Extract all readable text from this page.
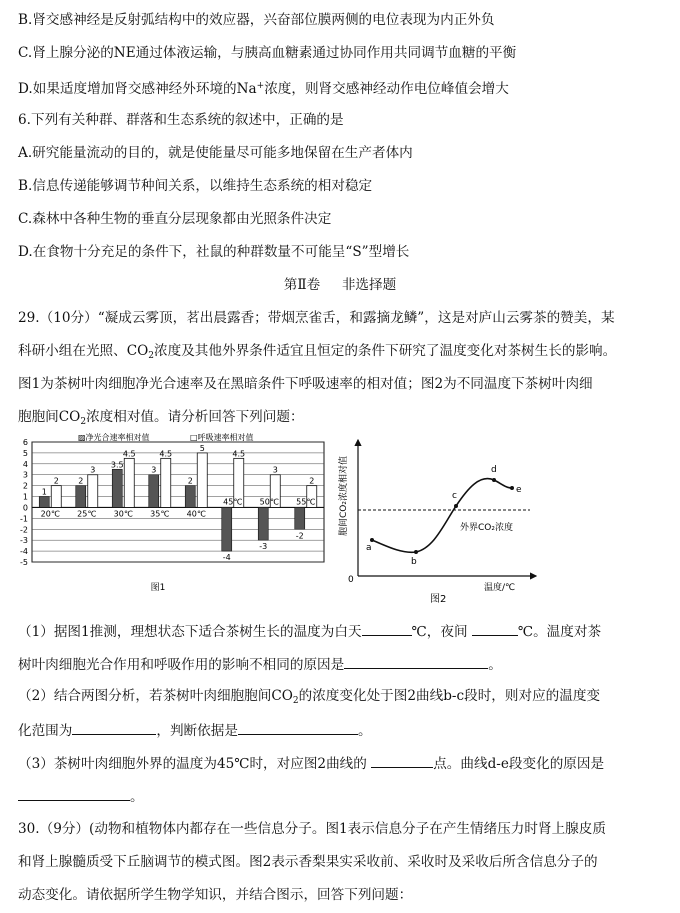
B.肾交感神经是反射弧结构中的效应器，兴奋部位膜两侧的电位表现为内正外负
C.肾上腺分泌的NE通过体液运输，与胰高血糖素通过协同作用共同调节血糖的平衡
D.如果适度增加肾交感神经外环境的Na+浓度，则肾交感神经动作电位峰值会增大
6.下列有关种群、群落和生态系统的叙述中，正确的是
A.研究能量流动的目的，就是使能量尽可能多地保留在生产者体内
B.信息传递能够调节种间关系，以维持生态系统的相对稳定
C.森林中各种生物的垂直分层现象都由光照条件决定
D.在食物十分充足的条件下，社鼠的种群数量不可能呈“S”型增长
第Ⅱ卷     非选择题
29.（10分）“凝成云雾顶，茗出晨露香；带烟烹雀舌，和露摘龙鳞”，这是对庐山云雾茶的赞美，某
科研小组在光照、$CO_2$浓度及其他外界条件适宜且恒定的条件下研究了温度变化对茶树生长的影响。
图1为茶树叶肉细胞净光合速率及在黑暗条件下呼吸速率的相对值；图2为不同温度下茶树叶肉细
胞胞间$CO_2$浓度相对值。请分析回答下列问题：
6
5
4
3
2
1
0
-1
-2
-3
-4
-5
1
2
20℃
2
3
25℃
3.5
4.5
30℃
3
4.5
35℃
2
5
40℃
-4
4.5
45℃
-3
3
50℃
-2
2
55℃
▨净光合速率相对值	□呼吸速率相对值
图1
a
b
c
d
e
外界CO₂浓度
0
温度/℃
胞间CO₂浓度相对值
图2
（1）据图1推测，理想状态下适合茶树生长的温度为白天	℃，夜间	℃。温度对茶
树叶肉细胞光合作用和呼吸作用的影响不相同的原因是	。
（2）结合两图分析，若茶树叶肉细胞胞间$CO_2$的浓度变化处于图2曲线b-c段时，则对应的温度变
化范围为	，判断依据是	。
（3）茶树叶肉细胞外界的温度为45℃时，对应图2曲线的	点。曲线d-e段变化的原因是
。
30.（9分）(动物和植物体内都存在一些信息分子。图1表示信息分子在产生情绪压力时肾上腺皮质
和肾上腺髓质受下丘脑调节的模式图。图2表示香梨果实采收前、采收时及采收后所含信息分子的
动态变化。请依据所学生物学知识，并结合图示，回答下列问题：
